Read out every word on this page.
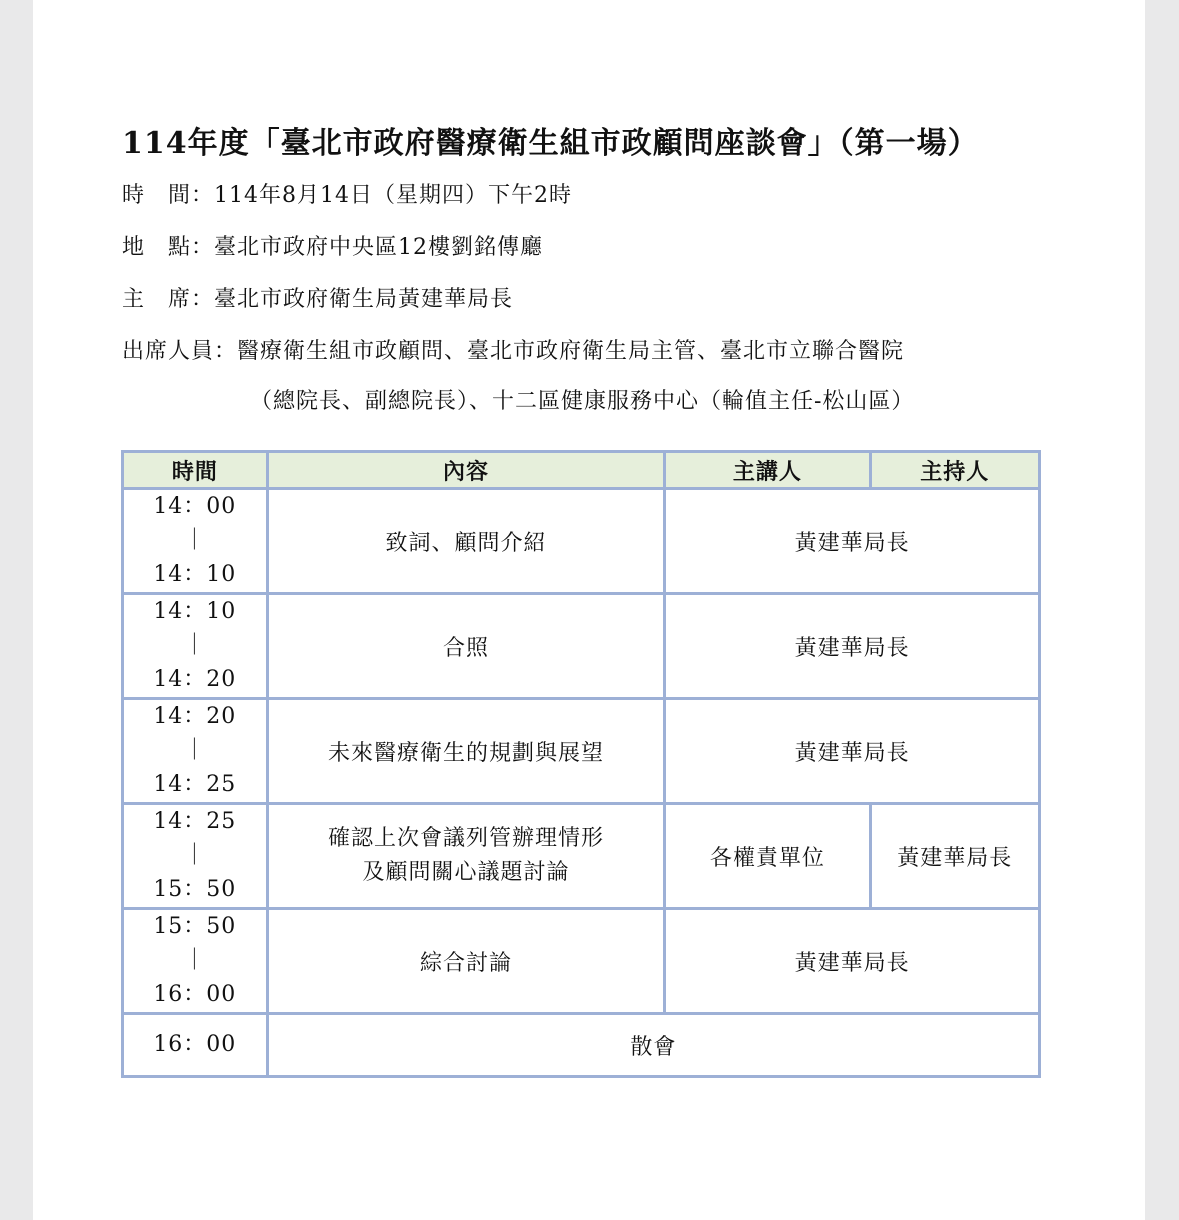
114年度「臺北市政府醫療衛生組市政顧問座談會」（第一場）
時　間：114年8月14日（星期四）下午2時
地　點：臺北市政府中央區12樓劉銘傳廳
主　席：臺北市政府衛生局黃建華局長
出席人員：醫療衛生組市政顧問、臺北市政府衛生局主管、臺北市立聯合醫院
（總院長、副總院長）、十二區健康服務中心（輪值主任-松山區）
時間	內容	主講人	主持人

14：00
｜
14：10	致詞、顧問介紹	黃建華局長	

14：10
｜
14：20	合照	黃建華局長	

14：20
｜
14：25	未來醫療衛生的規劃與展望	黃建華局長	

14：25
｜
15：50	確認上次會議列管辦理情形
及顧問關心議題討論	各權責單位	黃建華局長

15：50
｜
16：00	綜合討論	黃建華局長	
16：00	散會		
